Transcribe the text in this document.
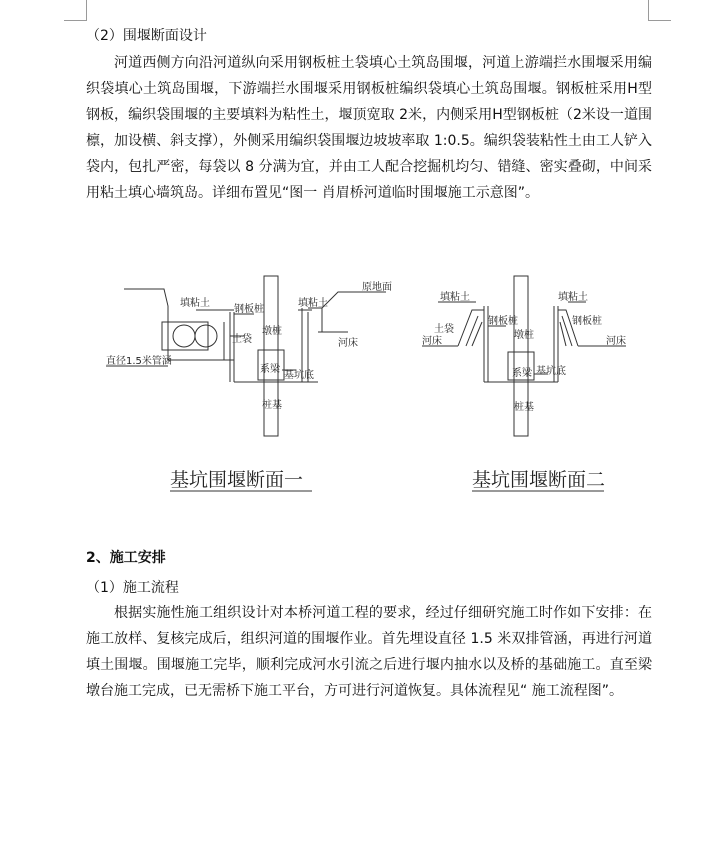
（2）围堰断面设计

河道西侧方向沿河道纵向采用钢板桩土袋填心土筑岛围堰，河道上游端拦水围堰采用编织袋填心土筑岛围堰，下游端拦水围堰采用钢板桩编织袋填心土筑岛围堰。钢板桩采用H型钢板，编织袋围堰的主要填料为粘性土，堰顶宽取 2米，内侧采用H型钢板桩（2米设一道围檩，加设横、斜支撑），外侧采用编织袋围堰边坡坡率取 1:0.5。编织袋装粘性土由工人铲入袋内，包扎严密，每袋以 8 分满为宜，并由工人配合挖掘机均匀、错缝、密实叠砌，中间采用粘土填心墙筑岛。详细布置见“图一 肖眉桥河道临时围堰施工示意图”。

填粘土
钢板桩
土袋
墩桩
填粘土
原地面
河床
系梁
基坑底
桩基
直径1.5米管涵
基坑围堰断面一
填粘土
土袋
河床
钢板桩
墩桩
填粘土
钢板桩
河床
系梁 基坑底
桩基
基坑围堰断面二
2、施工安排
（1）施工流程

根据实施性施工组织设计对本桥河道工程的要求，经过仔细研究施工时作如下安排：在施工放样、复核完成后，组织河道的围堰作业。首先埋设直径 1.5 米双排管涵，再进行河道填土围堰。围堰施工完毕，顺利完成河水引流之后进行堰内抽水以及桥的基础施工。直至梁墩台施工完成，已无需桥下施工平台，方可进行河道恢复。具体流程见“ 施工流程图”。
